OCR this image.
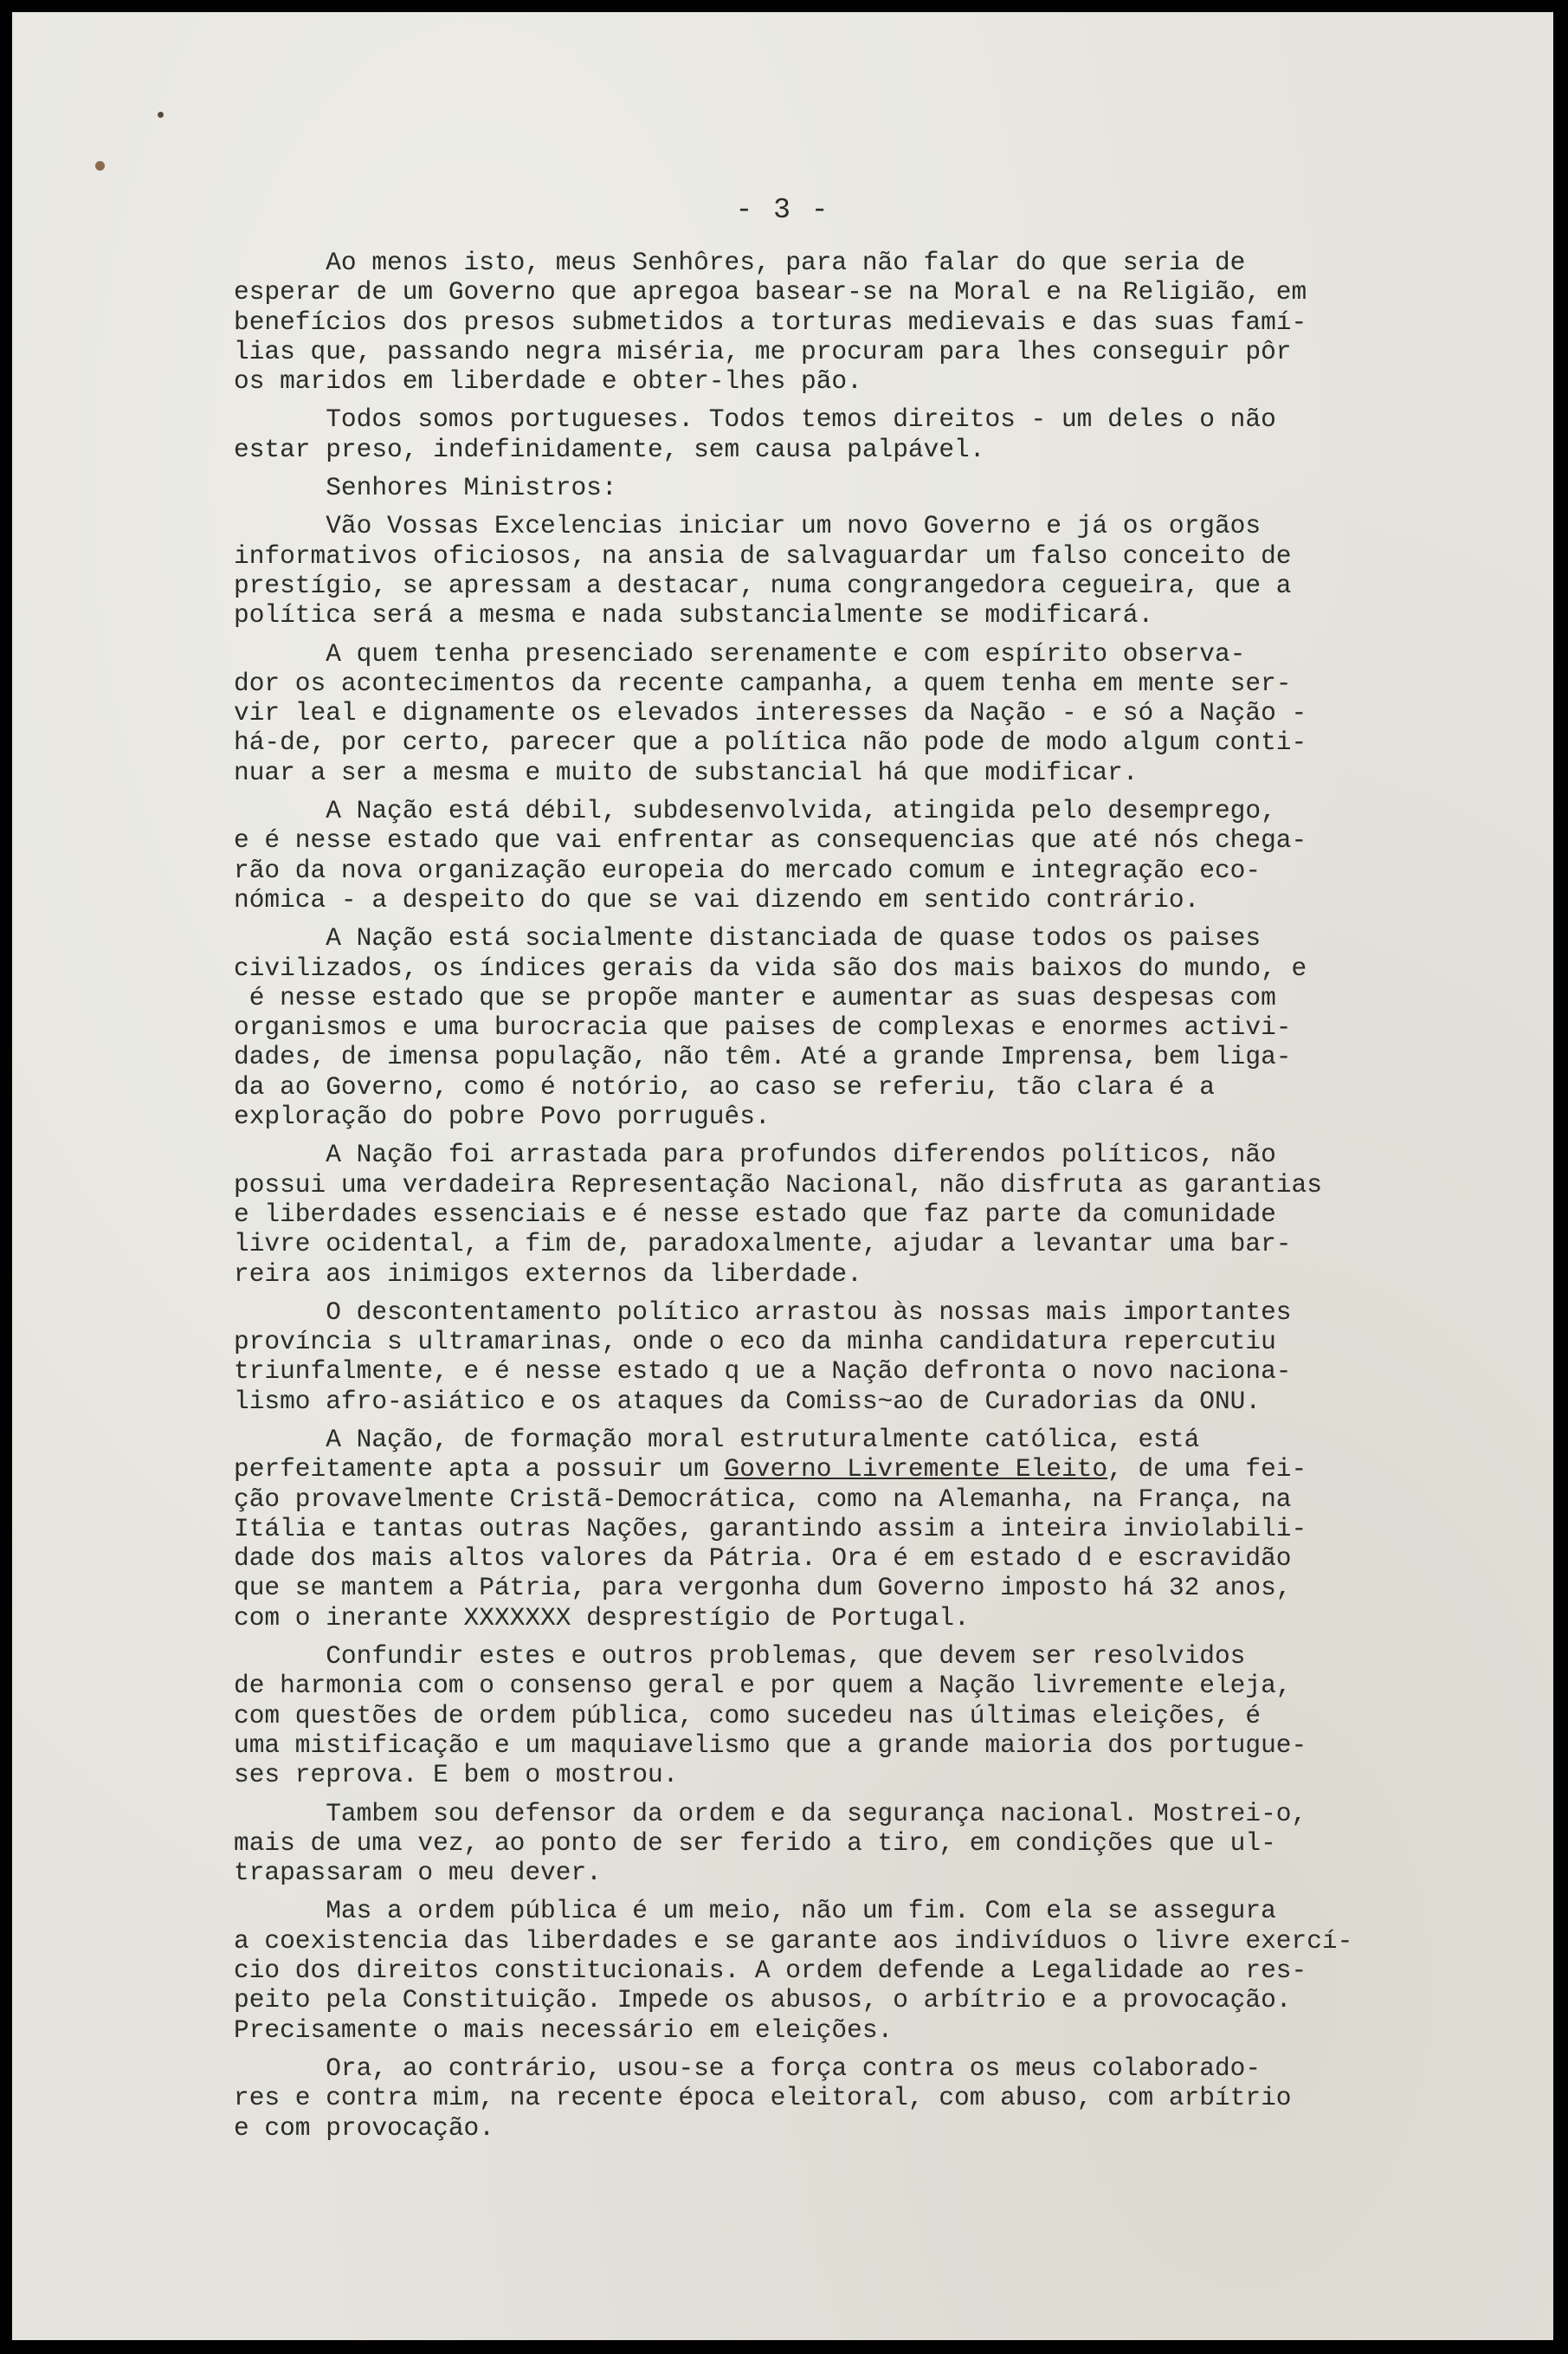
- 3 -
Ao menos isto, meus Senhôres, para não falar do que seria de
esperar de um Governo que apregoa basear-se na Moral e na Religião, em
benefícios dos presos submetidos a torturas medievais e das suas famí-
lias que, passando negra miséria, me procuram para lhes conseguir pôr
os maridos em liberdade e obter-lhes pão.
Todos somos portugueses. Todos temos direitos - um deles o não
estar preso, indefinidamente, sem causa palpável.
Senhores Ministros:
Vão Vossas Excelencias iniciar um novo Governo e já os orgãos
informativos oficiosos, na ansia de salvaguardar um falso conceito de
prestígio, se apressam a destacar, numa congrangedora cegueira, que a
política será a mesma e nada substancialmente se modificará.
A quem tenha presenciado serenamente e com espírito observa-
dor os acontecimentos da recente campanha, a quem tenha em mente ser-
vir leal e dignamente os elevados interesses da Nação - e só a Nação -
há-de, por certo, parecer que a política não pode de modo algum conti-
nuar a ser a mesma e muito de substancial há que modificar.
A Nação está débil, subdesenvolvida, atingida pelo desemprego,
e é nesse estado que vai enfrentar as consequencias que até nós chega-
rão da nova organização europeia do mercado comum e integração eco-
nómica - a despeito do que se vai dizendo em sentido contrário.
A Nação está socialmente distanciada de quase todos os paises
civilizados, os índices gerais da vida são dos mais baixos do mundo, e
é nesse estado que se propõe manter e aumentar as suas despesas com
organismos e uma burocracia que paises de complexas e enormes activi-
dades, de imensa população, não têm. Até a grande Imprensa, bem liga-
da ao Governo, como é notório, ao caso se referiu, tão clara é a
exploração do pobre Povo porruguês.
A Nação foi arrastada para profundos diferendos políticos, não
possui uma verdadeira Representação Nacional, não disfruta as garantias
e liberdades essenciais e é nesse estado que faz parte da comunidade
livre ocidental, a fim de, paradoxalmente, ajudar a levantar uma bar-
reira aos inimigos externos da liberdade.
O descontentamento político arrastou às nossas mais importantes
província s ultramarinas, onde o eco da minha candidatura repercutiu
triunfalmente, e é nesse estado q ue a Nação defronta o novo naciona-
lismo afro-asiático e os ataques da Comiss~ao de Curadorias da ONU.
A Nação, de formação moral estruturalmente católica, está
perfeitamente apta a possuir um Governo Livremente Eleito, de uma fei-
ção provavelmente Cristã-Democrática, como na Alemanha, na França, na
Itália e tantas outras Nações, garantindo assim a inteira inviolabili-
dade dos mais altos valores da Pátria. Ora é em estado d e escravidão
que se mantem a Pátria, para vergonha dum Governo imposto há 32 anos,
com o inerante XXXXXXX desprestígio de Portugal.
Confundir estes e outros problemas, que devem ser resolvidos
de harmonia com o consenso geral e por quem a Nação livremente eleja,
com questões de ordem pública, como sucedeu nas últimas eleições, é
uma mistificação e um maquiavelismo que a grande maioria dos portugue-
ses reprova. E bem o mostrou.
Tambem sou defensor da ordem e da segurança nacional. Mostrei-o,
mais de uma vez, ao ponto de ser ferido a tiro, em condições que ul-
trapassaram o meu dever.
Mas a ordem pública é um meio, não um fim. Com ela se assegura
a coexistencia das liberdades e se garante aos indivíduos o livre exercí-
cio dos direitos constitucionais. A ordem defende a Legalidade ao res-
peito pela Constituição. Impede os abusos, o arbítrio e a provocação.
Precisamente o mais necessário em eleições.
Ora, ao contrário, usou-se a força contra os meus colaborado-
res e contra mim, na recente época eleitoral, com abuso, com arbítrio
e com provocação.
